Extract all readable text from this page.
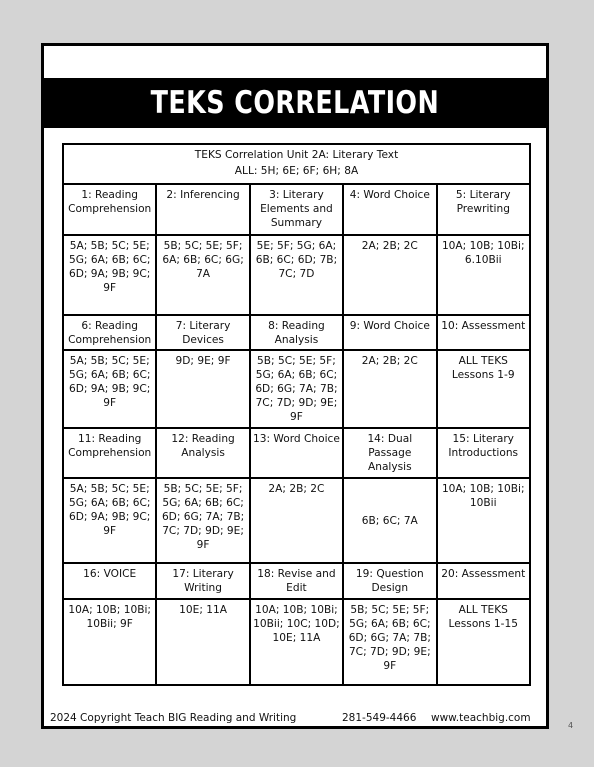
TEKS CORRELATION
TEKS Correlation Unit 2A: Literary Text
ALL: 5H; 6E; 6F; 6H; 8A				

1: Reading Comprehension	2: Inferencing	3: Literary Elements and Summary	4: Word Choice	5: Literary Prewriting
5A; 5B; 5C; 5E; 5G; 6A; 6B; 6C; 6D; 9A; 9B; 9C; 9F	5B; 5C; 5E; 5F; 6A; 6B; 6C; 6G; 7A	5E; 5F; 5G; 6A; 6B; 6C; 6D; 7B; 7C; 7D	2A; 2B; 2C	10A; 10B; 10Bi; 6.10Bii
6: Reading Comprehension	7: Literary Devices	8: Reading Analysis	9: Word Choice	10: Assessment
5A; 5B; 5C; 5E; 5G; 6A; 6B; 6C; 6D; 9A; 9B; 9C; 9F	9D; 9E; 9F	5B; 5C; 5E; 5F; 5G; 6A; 6B; 6C; 6D; 6G; 7A; 7B; 7C; 7D; 9D; 9E; 9F	2A; 2B; 2C	ALL TEKS Lessons 1-9
11: Reading Comprehension	12: Reading Analysis	13: Word Choice	14: Dual Passage Analysis	15: Literary Introductions
5A; 5B; 5C; 5E; 5G; 6A; 6B; 6C; 6D; 9A; 9B; 9C; 9F	5B; 5C; 5E; 5F; 5G; 6A; 6B; 6C; 6D; 6G; 7A; 7B; 7C; 7D; 9D; 9E; 9F	2A; 2B; 2C	6B; 6C; 7A	10A; 10B; 10Bi; 10Bii
16: VOICE	17: Literary Writing	18: Revise and Edit	19: Question Design	20: Assessment
10A; 10B; 10Bi; 10Bii; 9F	10E; 11A	10A; 10B; 10Bi; 10Bii; 10C; 10D; 10E; 11A	5B; 5C; 5E; 5F; 5G; 6A; 6B; 6C; 6D; 6G; 7A; 7B; 7C; 7D; 9D; 9E; 9F	ALL TEKS Lessons 1-15
2024 Copyright Teach BIG Reading and Writing	281-549-4466 www.teachbig.com
4
